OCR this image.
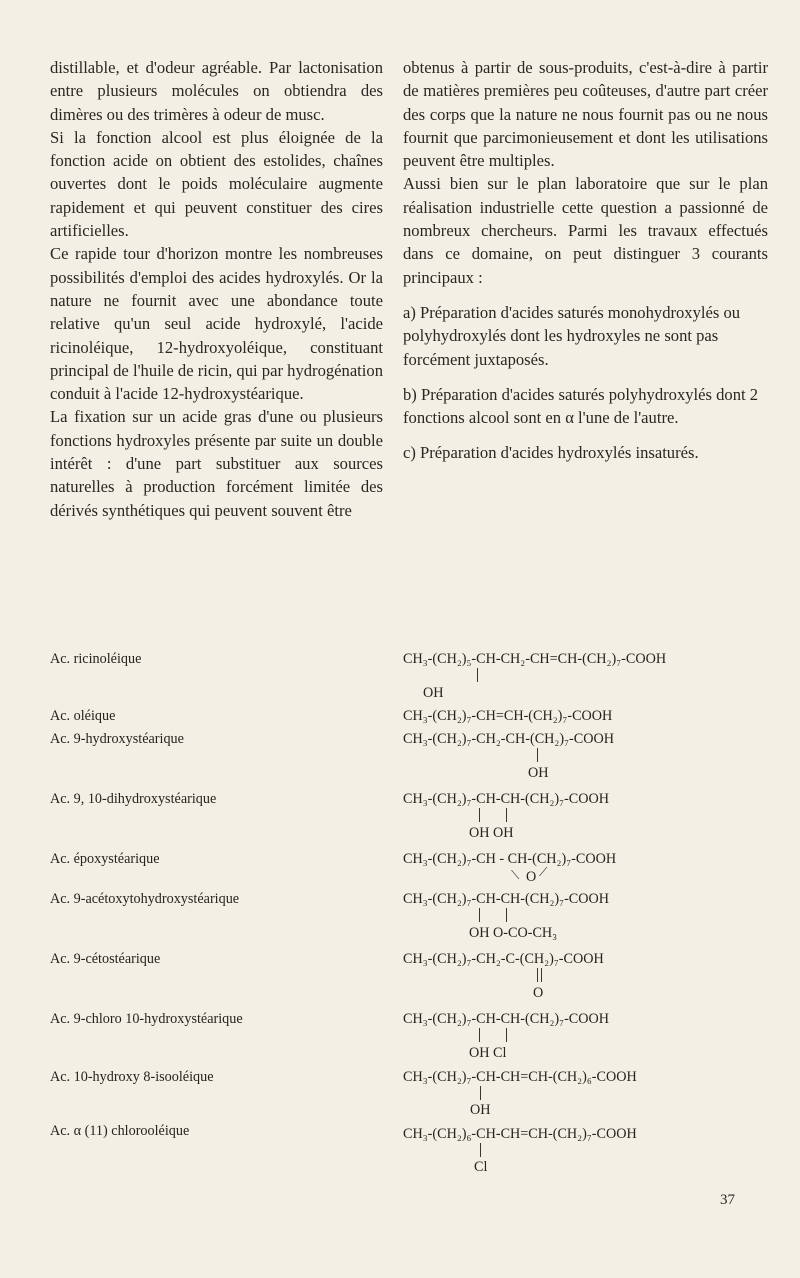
distillable, et d'odeur agréable. Par lactonisation entre plusieurs molécules on obtiendra des dimères ou des trimères à odeur de musc.

Si la fonction alcool est plus éloignée de la fonction acide on obtient des estolides, chaînes ouvertes dont le poids moléculaire augmente rapidement et qui peuvent constituer des cires artificielles.

Ce rapide tour d'horizon montre les nombreuses possibilités d'emploi des acides hydroxylés. Or la nature ne fournit avec une abondance toute relative qu'un seul acide hydroxylé, l'acide ricinoléique, 12-hydroxyoléique, constituant principal de l'huile de ricin, qui par hydrogénation conduit à l'acide 12-hydroxystéarique.

La fixation sur un acide gras d'une ou plusieurs fonctions hydroxyles présente par suite un double intérêt : d'une part substituer aux sources naturelles à production forcément limitée des dérivés synthétiques qui peuvent souvent être

obtenus à partir de sous-produits, c'est-à-dire à partir de matières premières peu coûteuses, d'autre part créer des corps que la nature ne nous fournit pas ou ne nous fournit que parcimonieusement et dont les utilisations peuvent être multiples.

Aussi bien sur le plan laboratoire que sur le plan réalisation industrielle cette question a passionné de nombreux chercheurs. Parmi les travaux effectués dans ce domaine, on peut distinguer 3 courants principaux :

a) Préparation d'acides saturés monohydroxylés ou polyhydroxylés dont les hydroxyles ne sont pas forcément juxtaposés.

b) Préparation d'acides saturés polyhydroxylés dont 2 fonctions alcool sont en α l'une de l'autre.

c) Préparation d'acides hydroxylés insaturés.

Ac. ricinoléique
Ac. oléique
Ac. 9-hydroxystéarique
Ac. 9, 10-dihydroxystéarique
Ac. époxystéarique
Ac. 9-acétoxytohydroxystéarique
Ac. 9-cétostéarique
Ac. 9-chloro 10-hydroxystéarique
Ac. 10-hydroxy 8-isooléique
Ac. α (11) chlorooléique
CH₃-(CH₂)₅-CH-CH₂-CH=CH-(CH₂)₇-COOH
OH
CH₃-(CH₂)₇-CH=CH-(CH₂)₇-COOH
CH₃-(CH₂)₇-CH₂-CH-(CH₂)₇-COOH
OH
CH₃-(CH₂)₇-CH-CH-(CH₂)₇-COOH
OH OH
CH₃-(CH₂)₇-CH - CH-(CH₂)₇-COOH
⟍ O ⟋
CH₃-(CH₂)₇-CH-CH-(CH₂)₇-COOH
OH O-CO-CH₃
CH₃-(CH₂)₇-CH₂-C-(CH₂)₇-COOH
O
CH₃-(CH₂)₇-CH-CH-(CH₂)₇-COOH
OH Cl
CH₃-(CH₂)₇-CH-CH=CH-(CH₂)₆-COOH
OH
CH₃-(CH₂)₆-CH-CH=CH-(CH₂)₇-COOH
Cl
37
